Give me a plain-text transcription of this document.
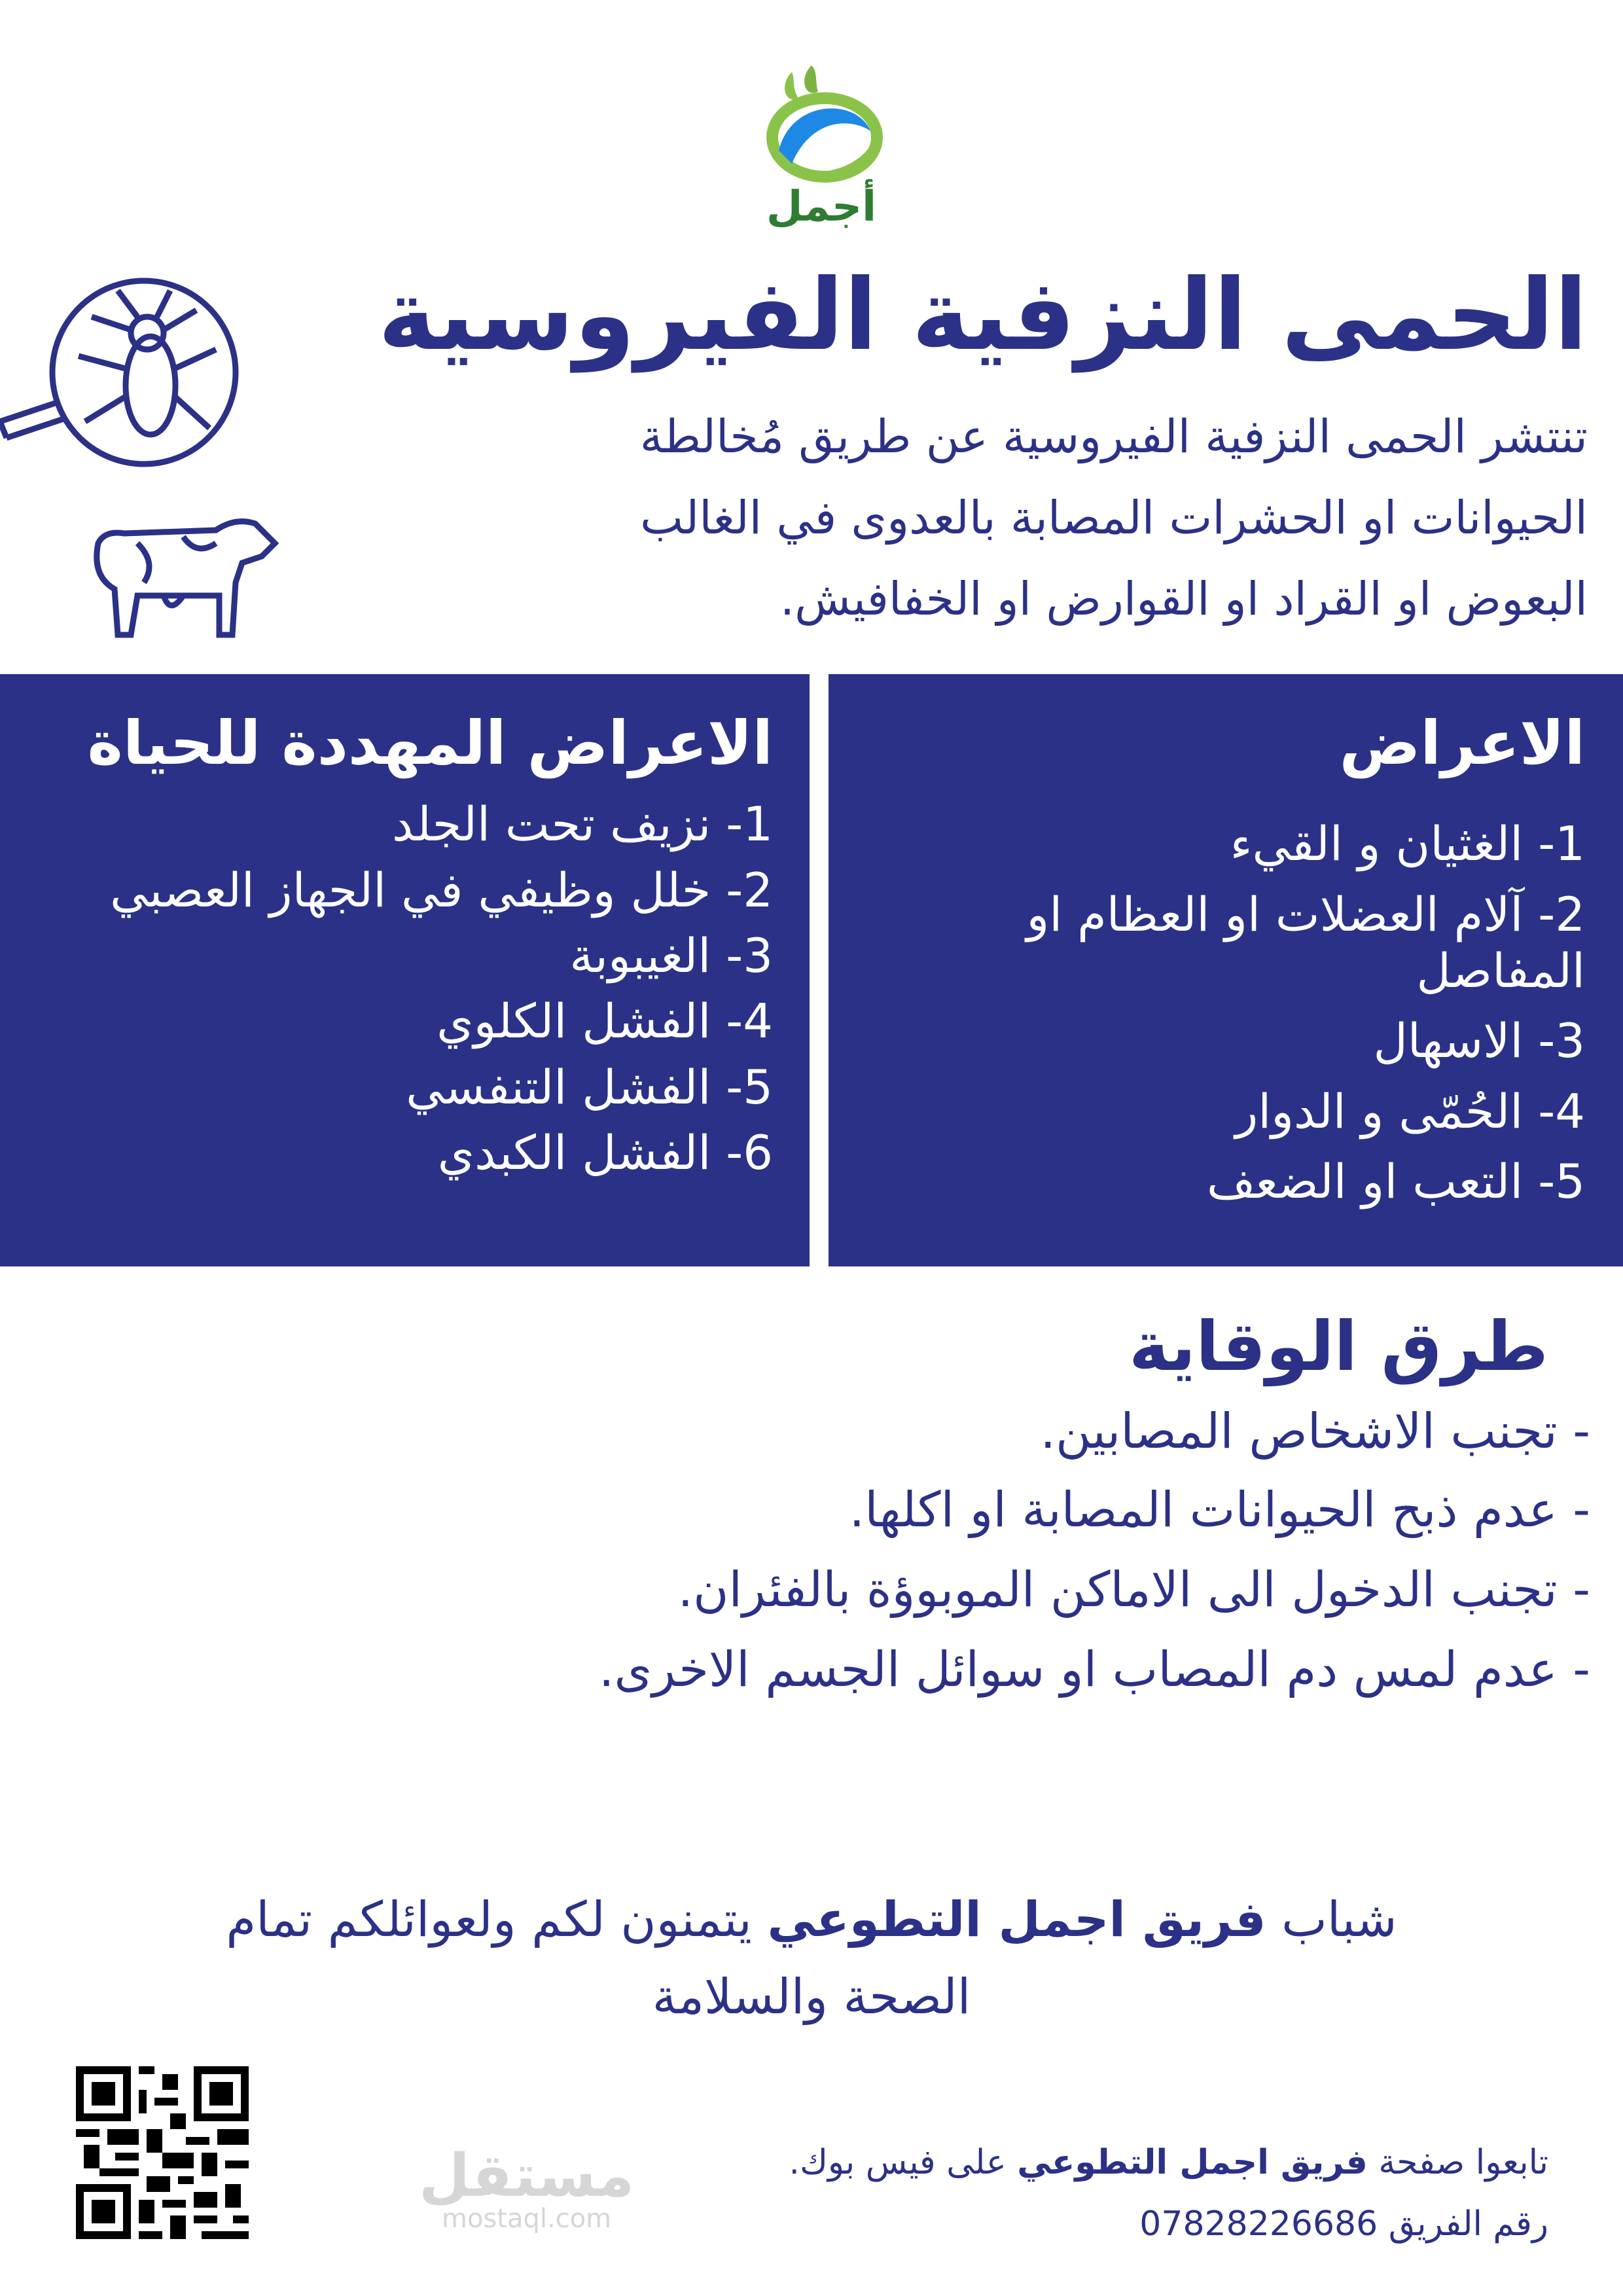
أجمل
الحمى النزفية الفيروسية
تنتشر الحمى النزفية الفيروسية عن طريق مُخالطة
الحيوانات او الحشرات المصابة بالعدوى في الغالب
البعوض او القراد او القوارض او الخفافيش.
الاعراض
1- الغثيان و القيء
2- آلام العضلات او العظام او المفاصل
3- الاسهال
4- الحُمّى و الدوار
5- التعب او الضعف
الاعراض المهددة للحياة
1- نزيف تحت الجلد
2- خلل وظيفي في الجهاز العصبي
3- الغيبوبة
4- الفشل الكلوي
5- الفشل التنفسي
6- الفشل الكبدي
طرق الوقاية
- تجنب الاشخاص المصابين.
- عدم ذبح الحيوانات المصابة او اكلها.
- تجنب الدخول الى الاماكن الموبوؤة بالفئران.
- عدم لمس دم المصاب او سوائل الجسم الاخرى.
شباب فريق اجمل التطوعي يتمنون لكم ولعوائلكم تمام
الصحة والسلامة
مستقل
mostaql.com
تابعوا صفحة فريق اجمل التطوعي على فيس بوك.
رقم الفريق 07828226686
